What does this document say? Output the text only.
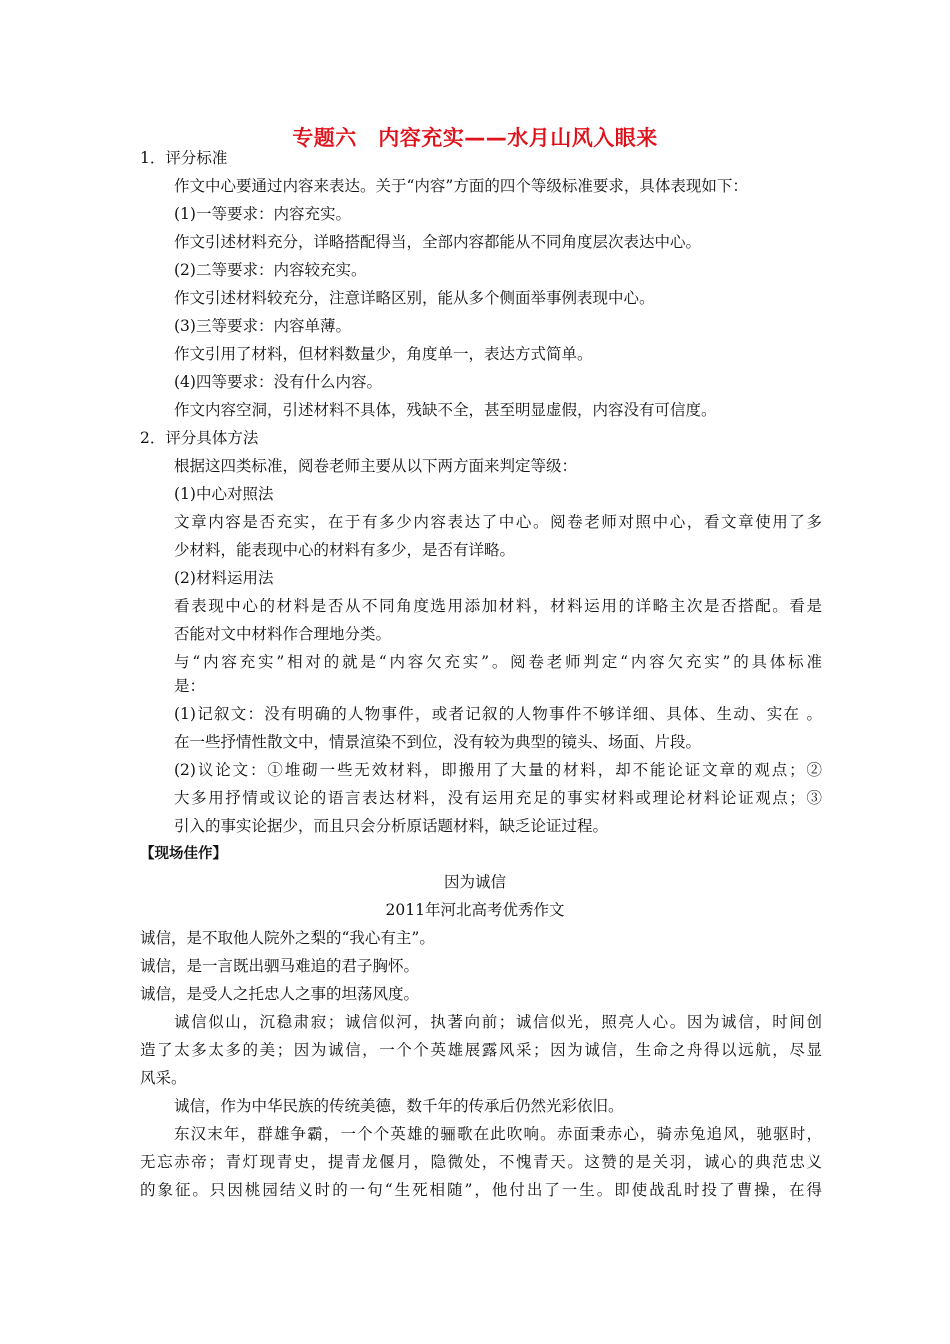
专题六　内容充实——水月山风入眼来
1．评分标准
作文中心要通过内容来表达。关于“内容”方面的四个等级标准要求，具体表现如下：
(1)一等要求：内容充实。
作文引述材料充分，详略搭配得当，全部内容都能从不同角度层次表达中心。
(2)二等要求：内容较充实。
作文引述材料较充分，注意详略区别，能从多个侧面举事例表现中心。
(3)三等要求：内容单薄。
作文引用了材料，但材料数量少，角度单一，表达方式简单。
(4)四等要求：没有什么内容。
作文内容空洞，引述材料不具体，残缺不全，甚至明显虚假，内容没有可信度。
2．评分具体方法
根据这四类标准，阅卷老师主要从以下两方面来判定等级：
(1)中心对照法
文章内容是否充实，在于有多少内容表达了中心。阅卷老师对照中心，看文章使用了多
少材料，能表现中心的材料有多少，是否有详略。
(2)材料运用法
看表现中心的材料是否从不同角度选用添加材料，材料运用的详略主次是否搭配。看是
否能对文中材料作合理地分类。
与“内容充实”相对的就是“内容欠充实”。阅卷老师判定“内容欠充实”的具体标准
是：
(1)记叙文：没有明确的人物事件，或者记叙的人物事件不够详细、具体、生动、实在 。
在一些抒情性散文中，情景渲染不到位，没有较为典型的镜头、场面、片段。
(2)议论文：①堆砌一些无效材料，即搬用了大量的材料，却不能论证文章的观点；②
大多用抒情或议论的语言表达材料，没有运用充足的事实材料或理论材料论证观点；③
引入的事实论据少，而且只会分析原话题材料，缺乏论证过程。
【现场佳作】
因为诚信
2011年河北高考优秀作文
诚信，是不取他人院外之梨的“我心有主”。
诚信，是一言既出驷马难追的君子胸怀。
诚信，是受人之托忠人之事的坦荡风度。
诚信似山，沉稳肃寂；诚信似河，执著向前；诚信似光，照亮人心。因为诚信，时间创
造了太多太多的美；因为诚信，一个个英雄展露风采；因为诚信，生命之舟得以远航，尽显
风采。
诚信，作为中华民族的传统美德，数千年的传承后仍然光彩依旧。
东汉末年，群雄争霸，一个个英雄的骊歌在此吹响。赤面秉赤心，骑赤兔追风，驰驱时，
无忘赤帝；青灯现青史，提青龙偃月，隐微处，不愧青天。这赞的是关羽，诚心的典范忠义
的象征。只因桃园结义时的一句“生死相随”，他付出了一生。即使战乱时投了曹操，在得
